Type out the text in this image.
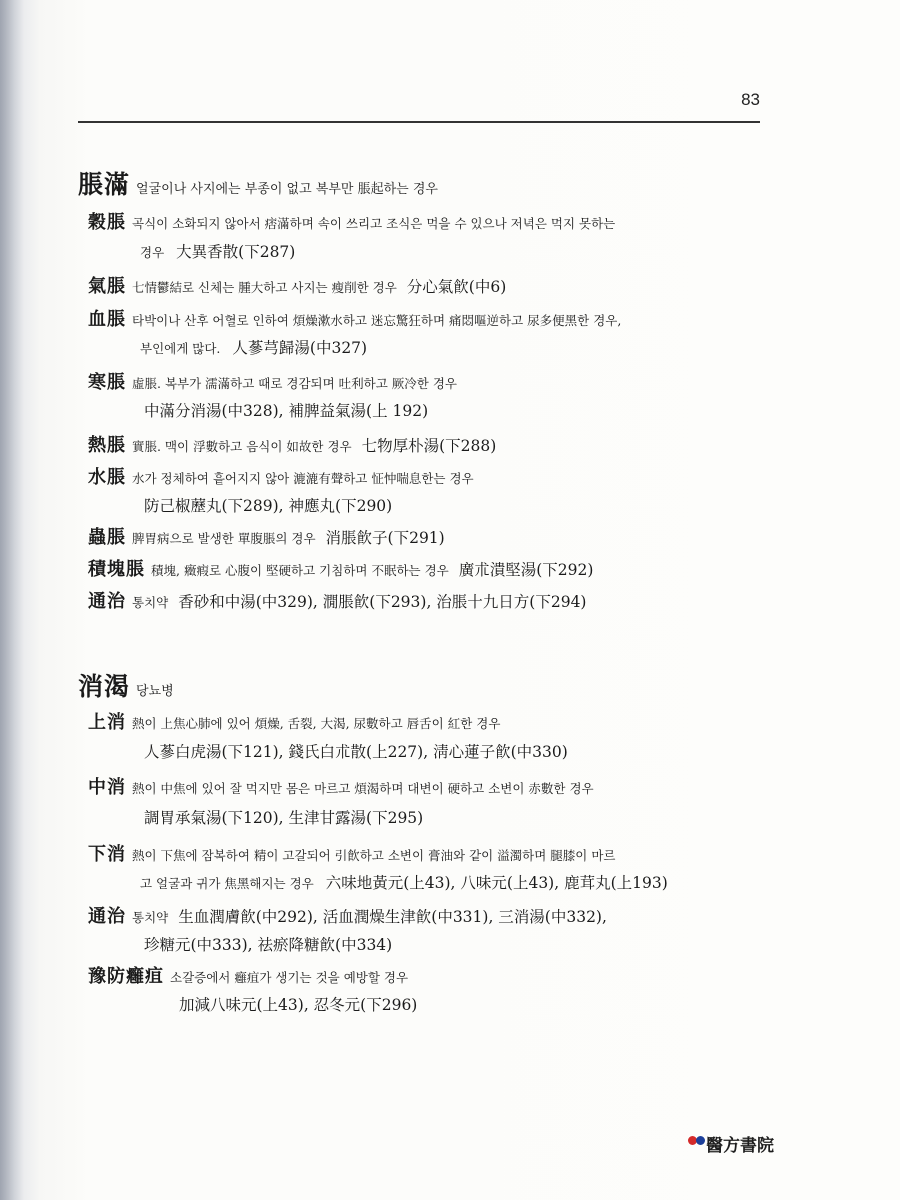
83
脹滿 얼굴이나 사지에는 부종이 없고 복부만 脹起하는 경우
穀脹 곡식이 소화되지 않아서 痞滿하며 속이 쓰리고 조식은 먹을 수 있으나 저녁은 먹지 못하는
경우 大異香散(下287)
氣脹 七情鬱結로 신체는 腫大하고 사지는 瘦削한 경우 分心氣飮(中6)
血脹 타박이나 산후 어혈로 인하여 煩燥漱水하고 迷忘驚狂하며 痛悶嘔逆하고 尿多便黑한 경우,
부인에게 많다. 人蔘芎歸湯(中327)
寒脹 虛脹. 복부가 濡滿하고 때로 경감되며 吐利하고 厥冷한 경우
中滿分消湯(中328), 補脾益氣湯(上 192)
熱脹 實脹. 맥이 浮數하고 음식이 如故한 경우 七物厚朴湯(下288)
水脹 水가 정체하여 흩어지지 않아 漉漉有聲하고 怔忡喘息한는 경우
防己椒藶丸(下289), 神應丸(下290)
蟲脹 脾胃病으로 발생한 單腹脹의 경우 消脹飮子(下291)
積塊脹 積塊, 癥瘕로 心腹이 堅硬하고 기침하며 不眠하는 경우 廣朮潰堅湯(下292)
通治 통치약 香砂和中湯(中329), 㵎脹飮(下293), 治脹十九日方(下294)
消渴 당뇨병
上消 熱이 上焦心肺에 있어 煩燥, 舌裂, 大渴, 尿數하고 唇舌이 紅한 경우
人蔘白虎湯(下121), 錢氏白朮散(上227), 淸心蓮子飮(中330)
中消 熱이 中焦에 있어 잘 먹지만 몸은 마르고 煩渴하며 대변이 硬하고 소변이 赤數한 경우
調胃承氣湯(下120), 生津甘露湯(下295)
下消 熱이 下焦에 잠복하여 精이 고갈되어 引飮하고 소변이 膏油와 같이 溢濁하며 腿膝이 마르
고 얼굴과 귀가 焦黑해지는 경우 六味地黃元(上43), 八味元(上43), 鹿茸丸(上193)
通治 통치약 生血潤膚飮(中292), 活血潤燥生津飮(中331), 三消湯(中332),
珍糖元(中333), 祛瘀降糖飮(中334)
豫防癰疽 소갈증에서 癰疽가 생기는 것을 예방할 경우
加減八味元(上43), 忍冬元(下296)
醫方書院
